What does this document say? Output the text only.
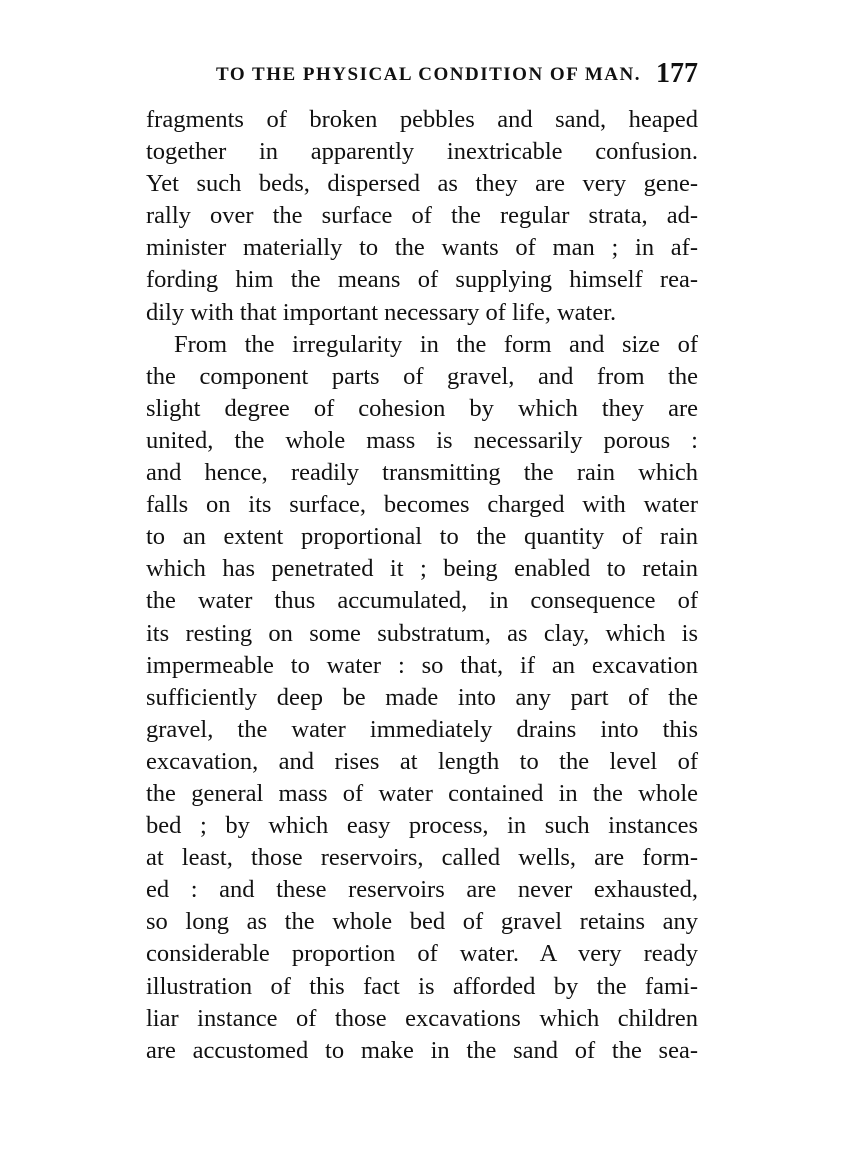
TO THE PHYSICAL CONDITION OF MAN. 177
fragments of broken pebbles and sand, heaped
together in apparently inextricable confusion.
Yet such beds, dispersed as they are very gene-
rally over the surface of the regular strata, ad-
minister materially to the wants of man ; in af-
fording him the means of supplying himself rea-
dily with that important necessary of life, water.
From the irregularity in the form and size of
the component parts of gravel, and from the
slight degree of cohesion by which they are
united, the whole mass is necessarily porous :
and hence, readily transmitting the rain which
falls on its surface, becomes charged with water
to an extent proportional to the quantity of rain
which has penetrated it ; being enabled to retain
the water thus accumulated, in consequence of
its resting on some substratum, as clay, which is
impermeable to water : so that, if an excavation
sufficiently deep be made into any part of the
gravel, the water immediately drains into this
excavation, and rises at length to the level of
the general mass of water contained in the whole
bed ; by which easy process, in such instances
at least, those reservoirs, called wells, are form-
ed : and these reservoirs are never exhausted,
so long as the whole bed of gravel retains any
considerable proportion of water. A very ready
illustration of this fact is afforded by the fami-
liar instance of those excavations which children
are accustomed to make in the sand of the sea-
